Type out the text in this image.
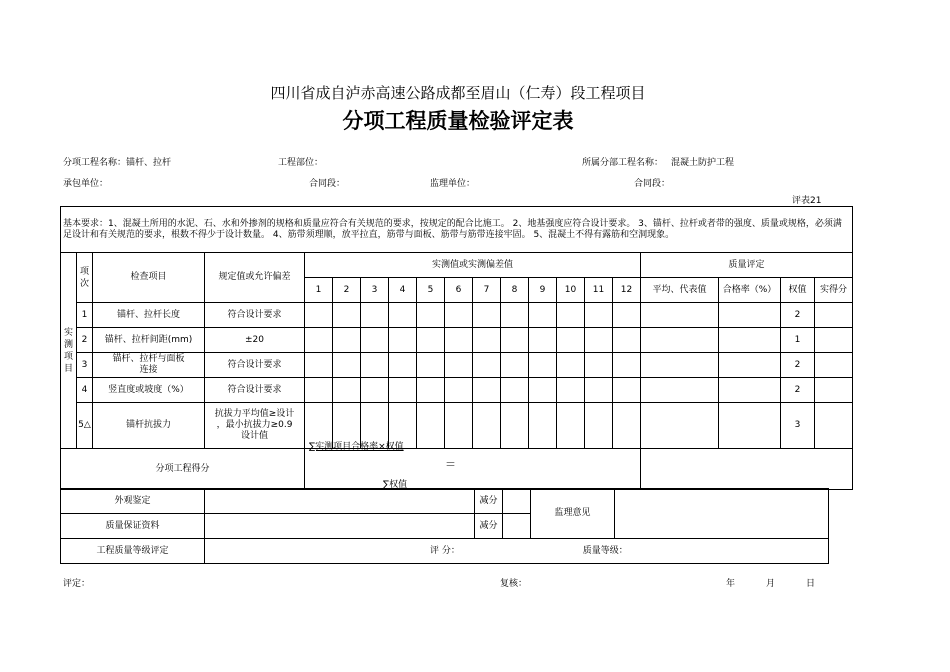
四川省成自泸赤高速公路成都至眉山（仁寿）段工程项目
分项工程质量检验评定表
分项工程名称：锚杆、拉杆	工程部位：	所属分部工程名称： 混凝土防护工程
承包单位：	合同段：	监理单位：	合同段：
评表21
基本要求：1、混凝土所用的水泥、石、水和外掺剂的规格和质量应符合有关规范的要求，按规定的配合比施工。 2、地基强度应符合设计要求。 3、锚杆、拉杆或者带的强度、质量或规格，必须满足设计和有关规范的要求，根数不得少于设计数量。 4、筋带须理顺，放平拉直，筋带与面板、筋带与筋带连接牢固。 5、混凝土不得有露筋和空洞现象。																			
实
测
项
目	项
次	检查项目	规定值或允许偏差	实测值或实测偏差值												质量评定			
				1	2	3	4	5	6	7	8	9	10	11	12	平均、代表值	合格率（%）	权值	实得分
	1	锚杆、拉杆长度	符合设计要求															2	
	2	锚杆、拉杆间距(mm)	±20															1	
	3	锚杆、拉杆与面板
连接	符合设计要求															2	
	4	竖直度或坡度（%）	符合设计要求															2	
	5△	锚杆抗拔力	抗拔力平均值≥设计
，最小抗拔力≥0.9
设计值															3	
分项工程得分				∑实测项目合格率×权值
＝
∑权值															

外观鉴定		减分		监理意见	
质量保证资料		减分			
工程质量等级评定	评 分： 质量等级：				
评定：	复核：	年	月	日
